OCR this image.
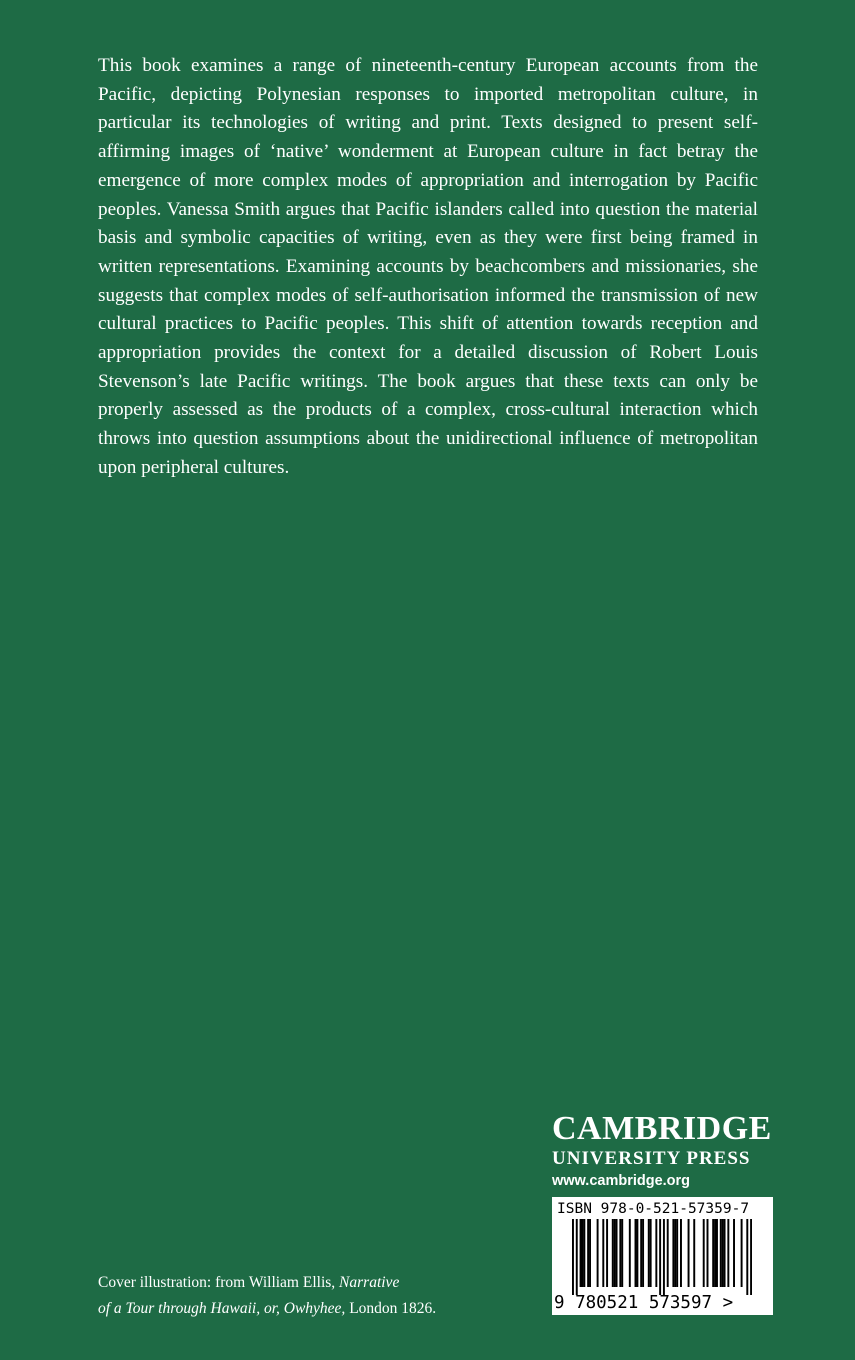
This book examines a range of nineteenth-century European accounts from the Pacific, depicting Polynesian responses to imported metropolitan culture, in particular its technologies of writing and print. Texts designed to present self-affirming images of ‘native’ wonderment at European culture in fact betray the emergence of more complex modes of appropriation and interrogation by Pacific peoples. Vanessa Smith argues that Pacific islanders called into question the material basis and symbolic capacities of writing, even as they were first being framed in written representations. Examining accounts by beachcombers and missionaries, she suggests that complex modes of self-authorisation informed the transmission of new cultural practices to Pacific peoples. This shift of attention towards reception and appropriation provides the context for a detailed discussion of Robert Louis Stevenson’s late Pacific writings. The book argues that these texts can only be properly assessed as the products of a complex, cross-cultural interaction which throws into question assumptions about the unidirectional influence of metropolitan upon peripheral cultures.

CAMBRIDGE
UNIVERSITY PRESS
www.cambridge.org
ISBN 978-0-521-57359-7
9 780521 573597 >
Cover illustration: from William Ellis, Narrative
of a Tour through Hawaii, or, Owhyhee, London 1826.
